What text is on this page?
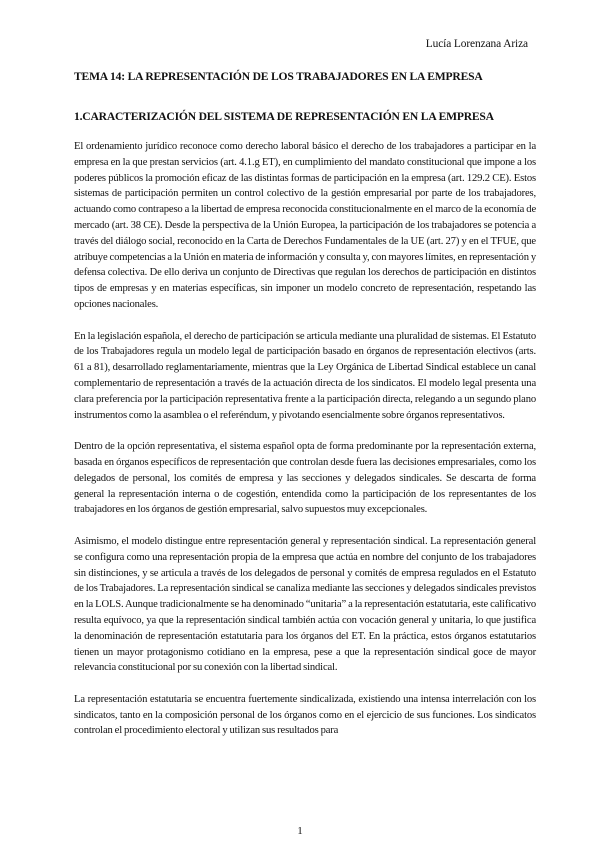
Lucía Lorenzana Ariza
TEMA 14: LA REPRESENTACIÓN DE LOS TRABAJADORES EN LA EMPRESA
1.CARACTERIZACIÓN DEL SISTEMA DE REPRESENTACIÓN EN LA EMPRESA

El ordenamiento jurídico reconoce como derecho laboral básico el derecho de los trabajadores a participar en la empresa en la que prestan servicios (art. 4.1.g ET), en cumplimiento del mandato constitucional que impone a los poderes públicos la promoción eficaz de las distintas formas de participación en la empresa (art. 129.2 CE). Estos sistemas de participación permiten un control colectivo de la gestión empresarial por parte de los trabajadores, actuando como contrapeso a la libertad de empresa reconocida constitucionalmente en el marco de la economía de mercado (art. 38 CE). Desde la perspectiva de la Unión Europea, la participación de los trabajadores se potencia a través del diálogo social, reconocido en la Carta de Derechos Fundamentales de la UE (art. 27) y en el TFUE, que atribuye competencias a la Unión en materia de información y consulta y, con mayores límites, en representación y defensa colectiva. De ello deriva un conjunto de Directivas que regulan los derechos de participación en distintos tipos de empresas y en materias específicas, sin imponer un modelo concreto de representación, respetando las opciones nacionales.

En la legislación española, el derecho de participación se articula mediante una pluralidad de sistemas. El Estatuto de los Trabajadores regula un modelo legal de participación basado en órganos de representación electivos (arts. 61 a 81), desarrollado reglamentariamente, mientras que la Ley Orgánica de Libertad Sindical establece un canal complementario de representación a través de la actuación directa de los sindicatos. El modelo legal presenta una clara preferencia por la participación representativa frente a la participación directa, relegando a un segundo plano instrumentos como la asamblea o el referéndum, y pivotando esencialmente sobre órganos representativos.

Dentro de la opción representativa, el sistema español opta de forma predominante por la representación externa, basada en órganos específicos de representación que controlan desde fuera las decisiones empresariales, como los delegados de personal, los comités de empresa y las secciones y delegados sindicales. Se descarta de forma general la representación interna o de cogestión, entendida como la participación de los representantes de los trabajadores en los órganos de gestión empresarial, salvo supuestos muy excepcionales.

Asimismo, el modelo distingue entre representación general y representación sindical. La representación general se configura como una representación propia de la empresa que actúa en nombre del conjunto de los trabajadores sin distinciones, y se articula a través de los delegados de personal y comités de empresa regulados en el Estatuto de los Trabajadores. La representación sindical se canaliza mediante las secciones y delegados sindicales previstos en la LOLS. Aunque tradicionalmente se ha denominado “unitaria” a la representación estatutaria, este calificativo resulta equívoco, ya que la representación sindical también actúa con vocación general y unitaria, lo que justifica la denominación de representación estatutaria para los órganos del ET. En la práctica, estos órganos estatutarios tienen un mayor protagonismo cotidiano en la empresa, pese a que la representación sindical goce de mayor relevancia constitucional por su conexión con la libertad sindical.

La representación estatutaria se encuentra fuertemente sindicalizada, existiendo una intensa interrelación con los sindicatos, tanto en la composición personal de los órganos como en el ejercicio de sus funciones. Los sindicatos controlan el procedimiento electoral y utilizan sus resultados para

1
